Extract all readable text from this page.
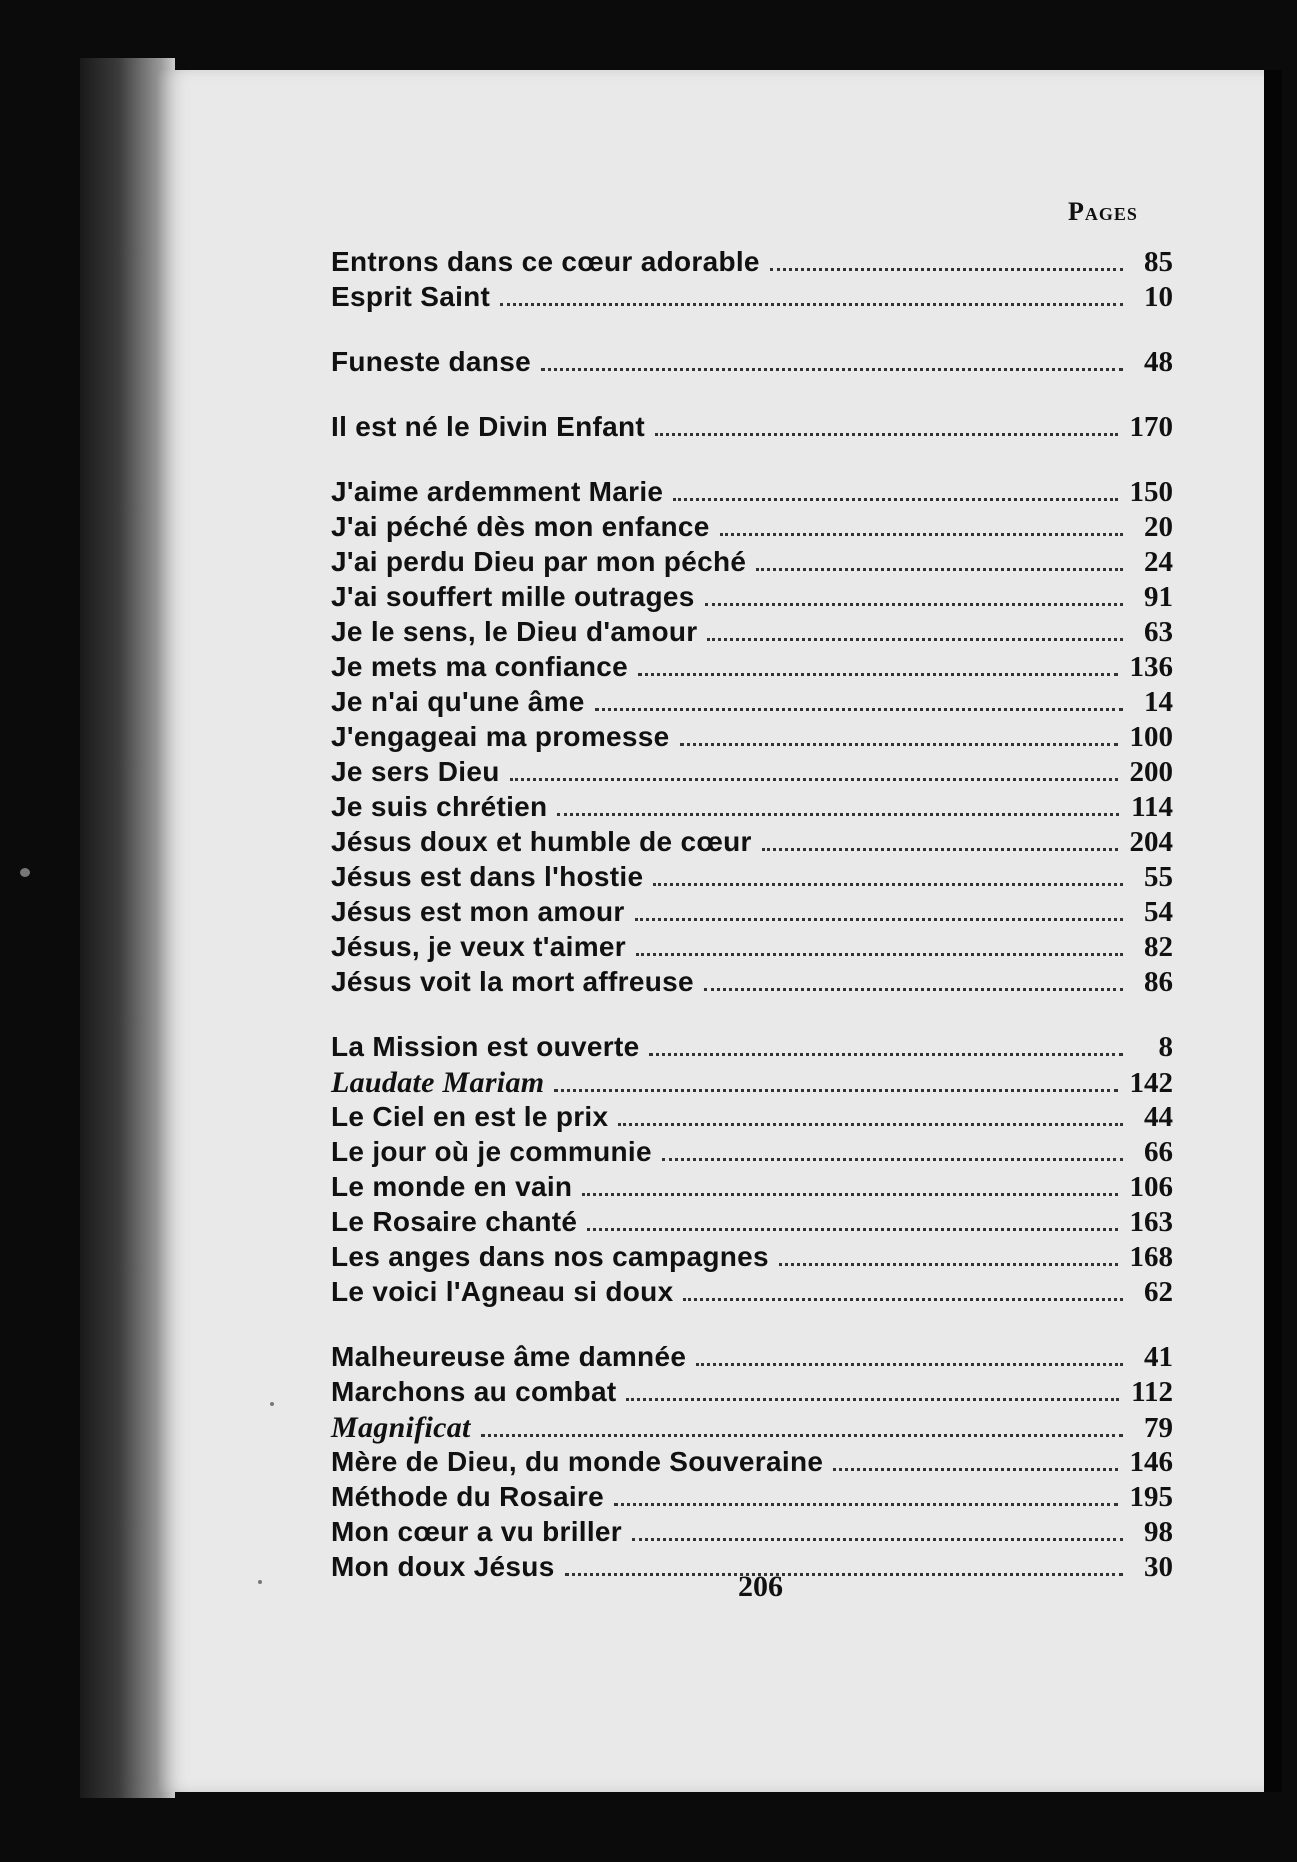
Pages
Entrons dans ce cœur adorable	85
Esprit Saint	10
Funeste danse	48
Il est né le Divin Enfant	170
J'aime ardemment Marie	150
J'ai péché dès mon enfance	20
J'ai perdu Dieu par mon péché	24
J'ai souffert mille outrages	91
Je le sens, le Dieu d'amour	63
Je mets ma confiance	136
Je n'ai qu'une âme	14
J'engageai ma promesse	100
Je sers Dieu	200
Je suis chrétien	114
Jésus doux et humble de cœur	204
Jésus est dans l'hostie	55
Jésus est mon amour	54
Jésus, je veux t'aimer	82
Jésus voit la mort affreuse	86
La Mission est ouverte	8
Laudate Mariam	142
Le Ciel en est le prix	44
Le jour où je communie	66
Le monde en vain	106
Le Rosaire chanté	163
Les anges dans nos campagnes	168
Le voici l'Agneau si doux	62
Malheureuse âme damnée	41
Marchons au combat	112
Magnificat	79
Mère de Dieu, du monde Souveraine	146
Méthode du Rosaire	195
Mon cœur a vu briller	98
Mon doux Jésus	30
206
